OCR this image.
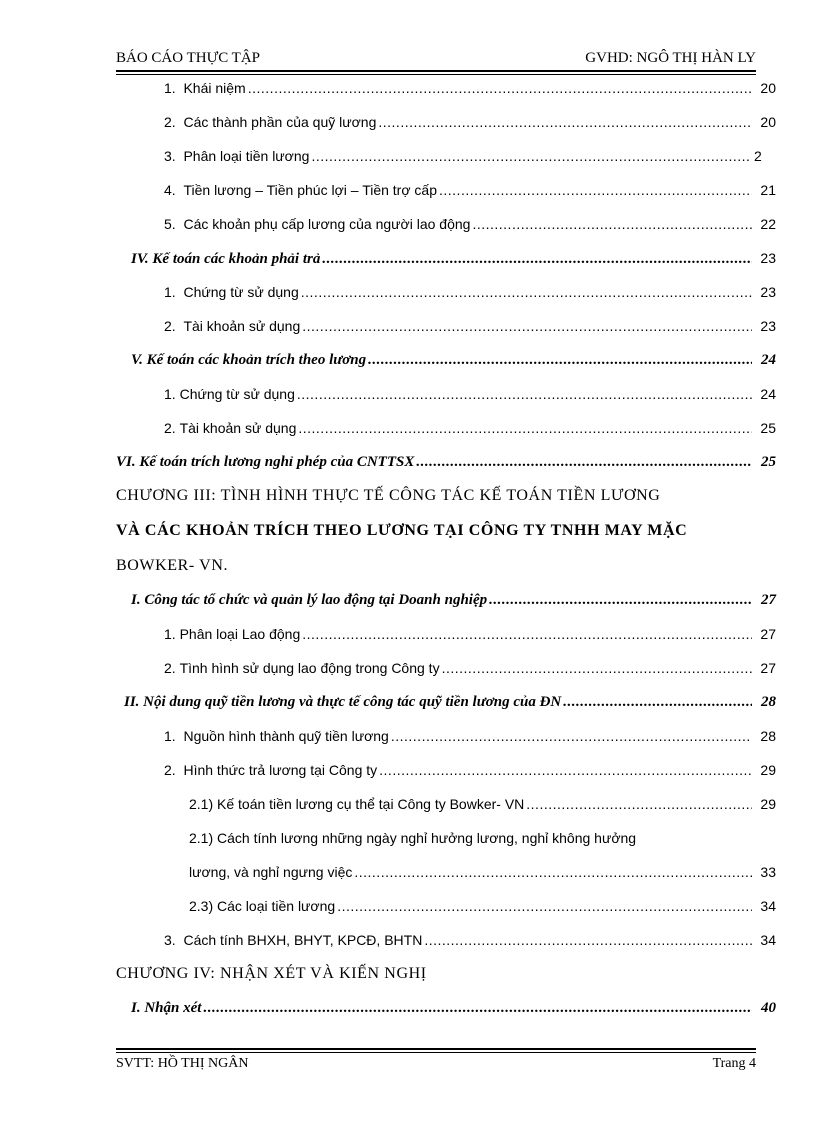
BÁO CÁO THỰC TẬP	GVHD: NGÔ THỊ HÀN LY
1. Khái niệm .....	20
2. Các thành phần của quỹ lương .....	20
3. Phân loại tiền lương .....	2
4. Tiền lương – Tiền phúc lợi – Tiền trợ cấp .....	21
5. Các khoản phụ cấp lương của người lao động .....	22
IV. Kế toán các khoản phải trả .....	23
1. Chứng từ sử dụng .....	23
2. Tài khoản sử dụng .....	23
V. Kế toán các khoản trích theo lương .....	24
1. Chứng từ sử dụng .....	24
2. Tài khoản sử dụng .....	25
VI. Kế toán trích lương nghỉ phép của CNTTSX .....	25
CHƯƠNG III: TÌNH HÌNH THỰC TẾ CÔNG TÁC KẾ TOÁN TIỀN LƯƠNG
VÀ CÁC KHOẢN TRÍCH THEO LƯƠNG TẠI CÔNG TY TNHH MAY MẶC
BOWKER- VN.
I. Công tác tổ chức và quản lý lao động tại Doanh nghiệp .....	27
1. Phân loại Lao động .....	27
2. Tình hình sử dụng lao động trong Công ty .....	27
II. Nội dung quỹ tiền lương và thực tế công tác quỹ tiền lương của ĐN .....	28
1. Nguồn hình thành quỹ tiền lương .....	28
2. Hình thức trả lương tại Công ty .....	29
2.1) Kế toán tiền lương cụ thể tại Công ty Bowker- VN .....	29
2.1) Cách tính lương những ngày nghỉ hưởng lương, nghỉ không hưởng
lương, và nghỉ ngưng việc .....	33
2.3) Các loại tiền lương .....	34
3. Cách tính BHXH, BHYT, KPCĐ, BHTN .....	34
CHƯƠNG IV: NHẬN XÉT VÀ KIẾN NGHỊ
I. Nhận xét .....	40
SVTT: HỒ THỊ NGÂN	Trang 4
